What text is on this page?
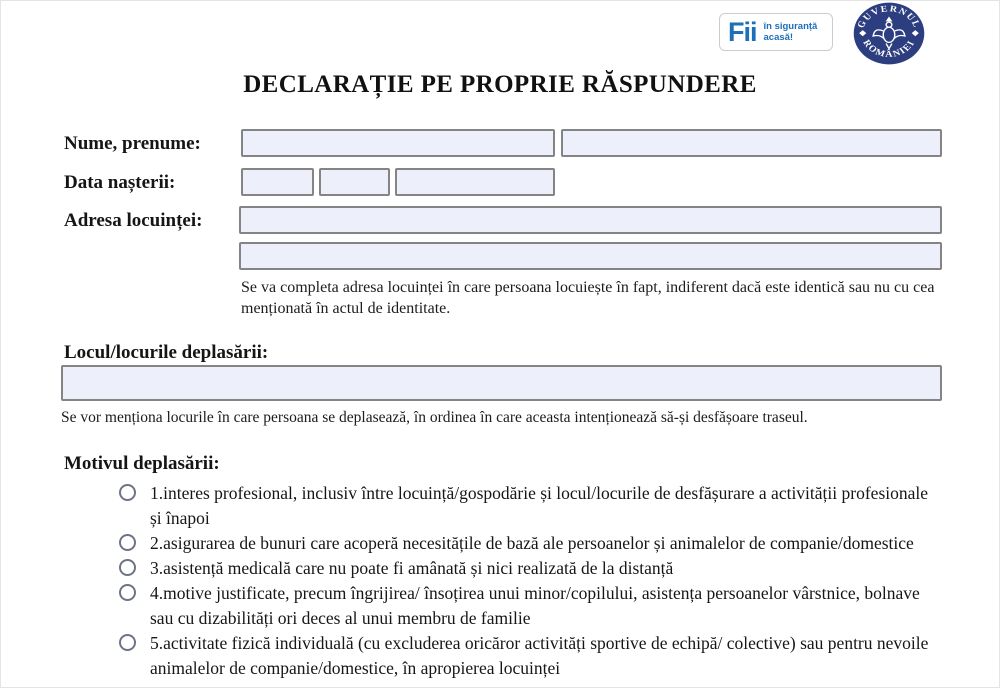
Fii în siguranță
acasă!
GUVERNUL
ROMÂNIEI
DECLARAȚIE PE PROPRIE RĂSPUNDERE
Nume, prenume:
Data nașterii:
Adresa locuinței:
Se va completa adresa locuinței în care persoana locuiește în fapt, indiferent dacă este identică sau nu cu cea menționată în actul de identitate.
Locul/locurile deplasării:
Se vor menționa locurile în care persoana se deplasează, în ordinea în care aceasta intenționează să-și desfășoare traseul.
Motivul deplasării:
1.interes profesional, inclusiv între locuință/gospodărie și locul/locurile de desfășurare a activității profesionale și înapoi
2.asigurarea de bunuri care acoperă necesitățile de bază ale persoanelor și animalelor de companie/domestice
3.asistență medicală care nu poate fi amânată și nici realizată de la distanță
4.motive justificate, precum îngrijirea/ însoțirea unui minor/copilului, asistența persoanelor vârstnice, bolnave sau cu dizabilități ori deces al unui membru de familie
5.activitate fizică individuală (cu excluderea oricăror activități sportive de echipă/ colective) sau pentru nevoile animalelor de companie/domestice, în apropierea locuinței
